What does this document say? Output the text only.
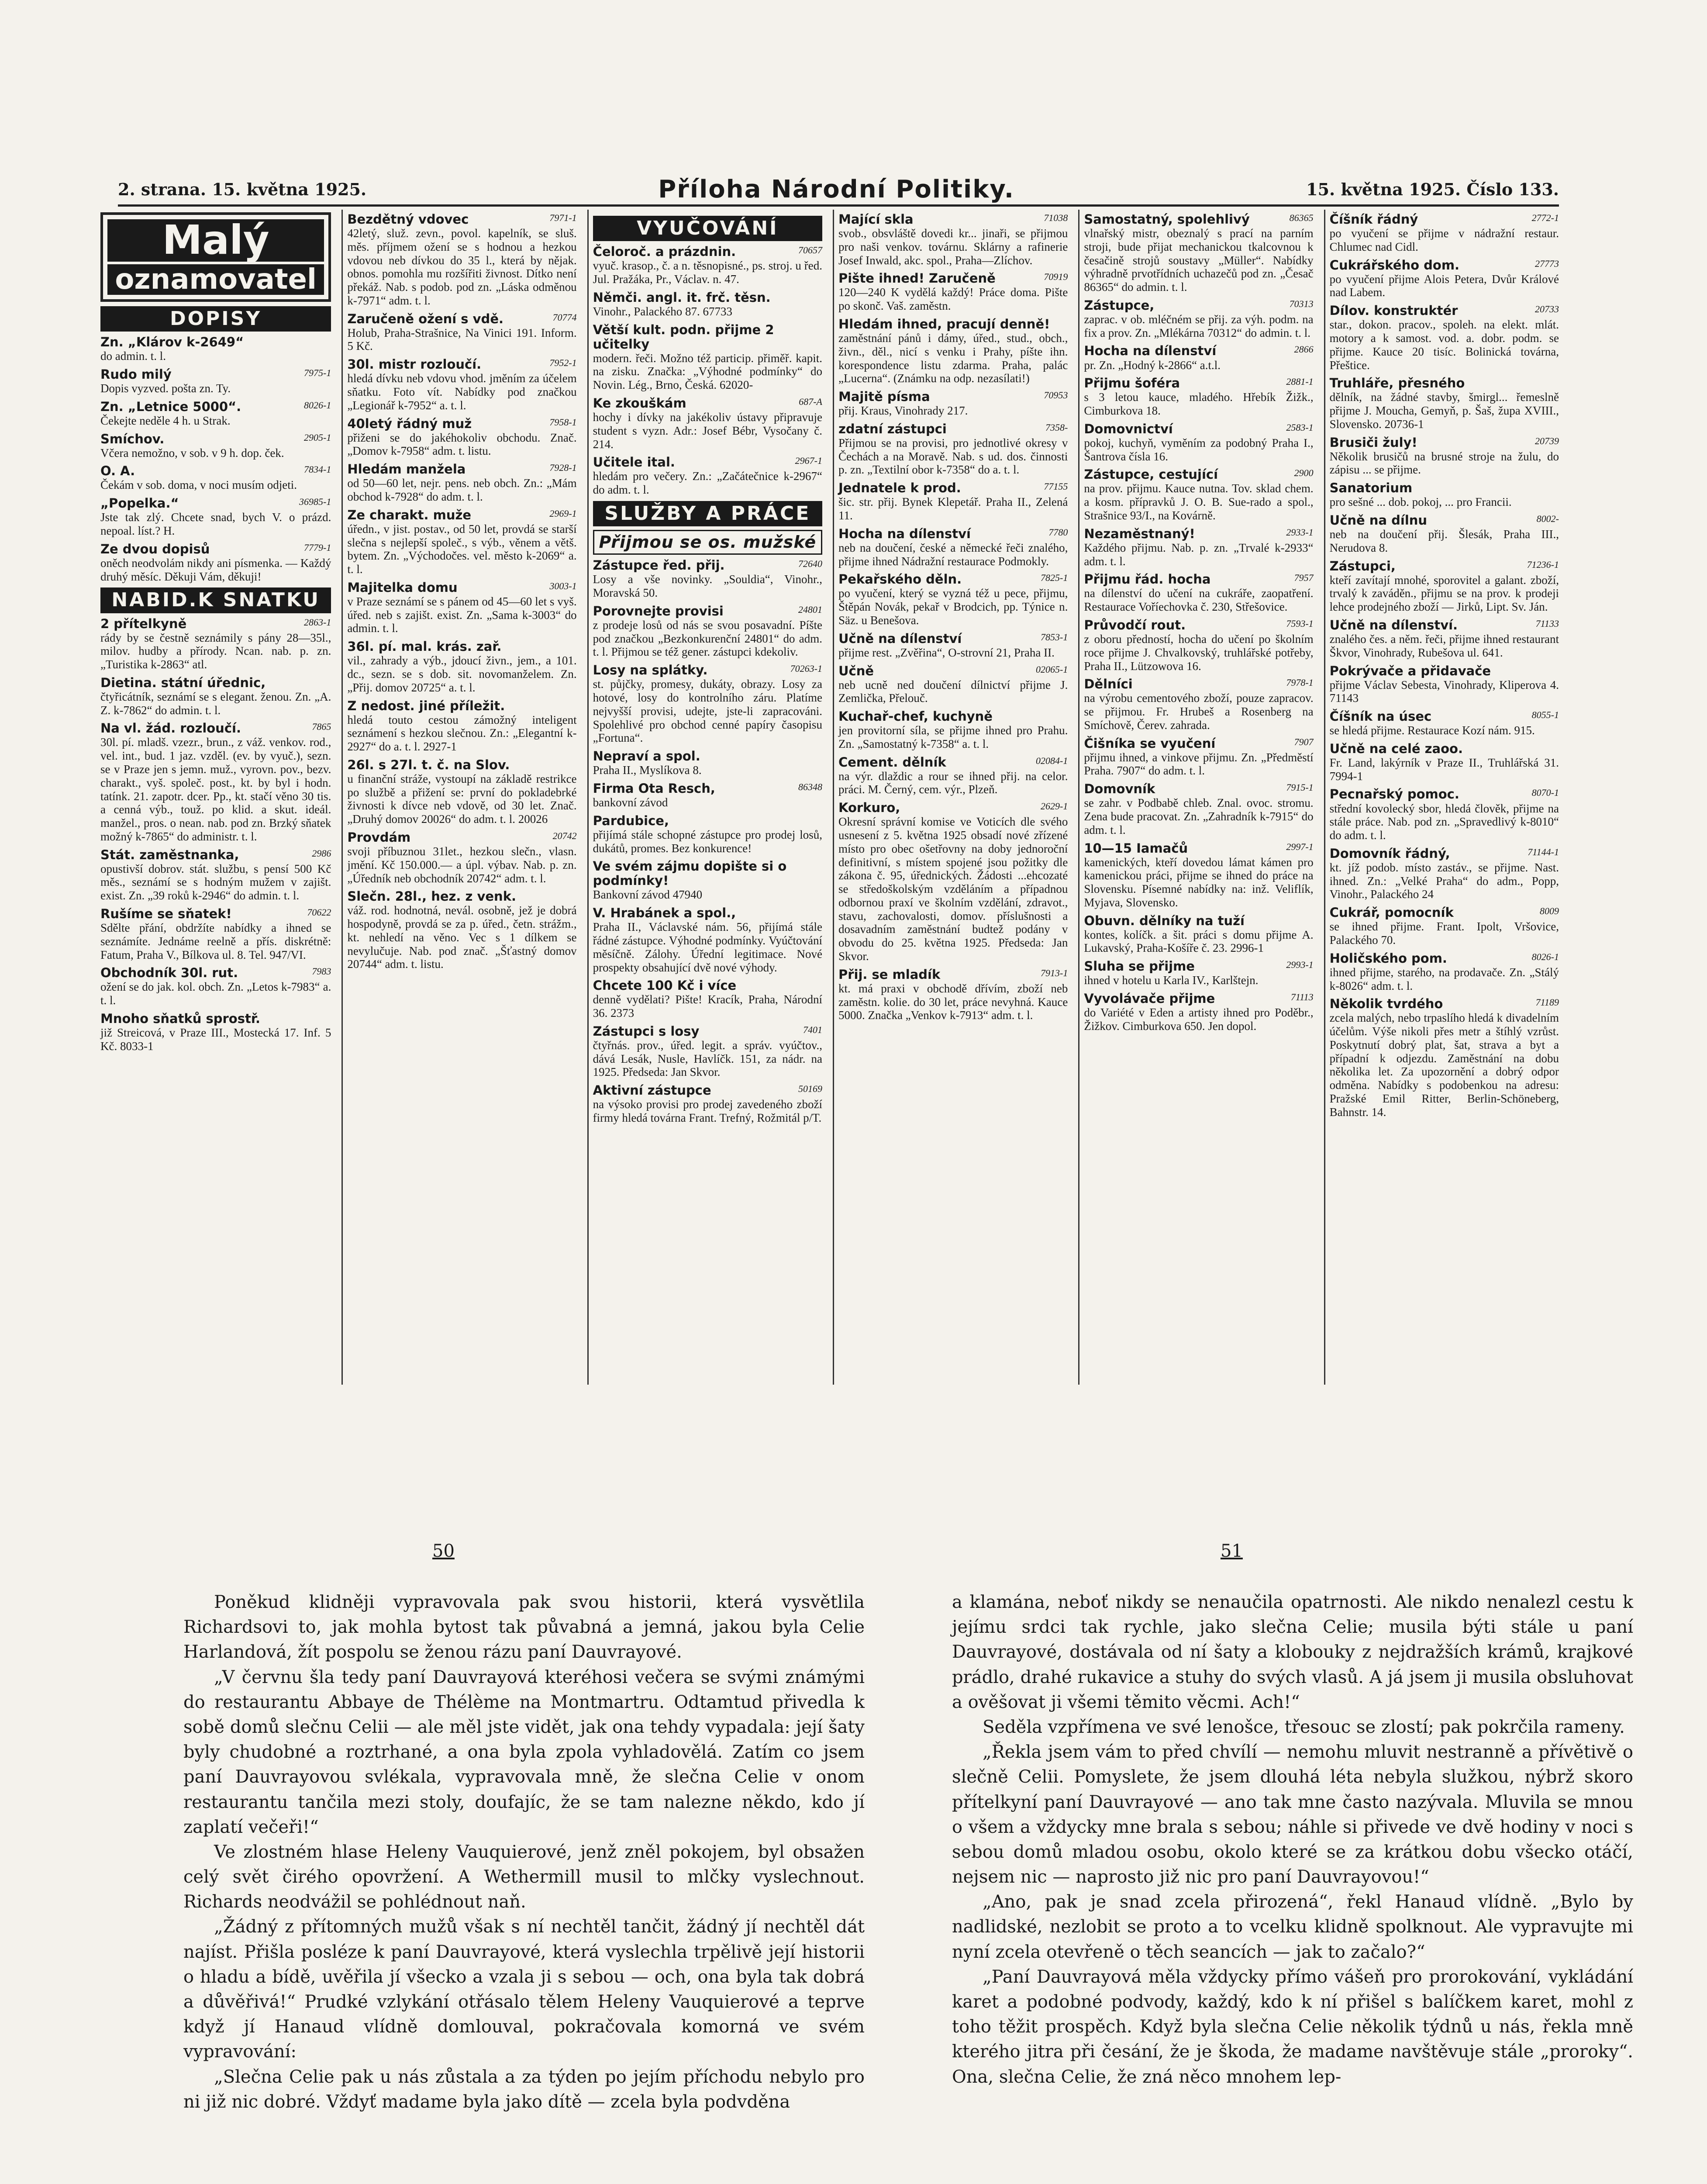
2. strana. 15. května 1925.	Příloha Národní Politiky.	15. května 1925. Číslo 133.
Malý
oznamovatel
DOPISY
Zn. „Klárov k-2649“
do admin. t. l.
7975-1
Rudo milý
Dopis vyzved. pošta zn. Ty.
8026-1
Zn. „Letnice 5000“.
Čekejte neděle 4 h. u Strak.
2905-1
Smíchov.
Včera nemožno, v sob. v 9 h. dop. ček.
7834-1
O. A.
Čekám v sob. doma, v noci musím odjeti.
36985-1
„Popelka.“
Jste tak zlý. Chcete snad, bych V. o prázd. nepoal. líst.? H.
7779-1
Ze dvou dopisů
oněch neodvolám nikdy ani písmenka. — Každý druhý měsíc. Děkuji Vám, děkuji!
NABID.K SNATKU
2863-1
2 přítelkyně
rády by se čestně seznámily s pány 28—35l., milov. hudby a přírody. Ncan. nab. p. zn. „Turistika k-2863“ atl.
Dietina. státní úřednic,
čtyřicátník, seznámí se s elegant. ženou. Zn. „A. Z. k-7862“ do admin. t. l.
7865
Na vl. žád. rozloučí.
30l. pí. mladš. vzezr., brun., z váž. venkov. rod., vel. int., bud. 1 jaz. vzděl. (ev. by vyuč.), sezn. se v Praze jen s jemn. muž., vyrovn. pov., bezv. charakt., vyš. společ. post., kt. by byl i hodn. tatínk. 21. zapotr. dcer. Pp., kt. stačí věno 30 tis. a cenná výb., touž. po klid. a skut. ideál. manžel., pros. o nean. nab. pod zn. Brzký sňatek možný k-7865“ do administr. t. l.
2986
Stát. zaměstnanka,
opustivší dobrov. stát. službu, s pensí 500 Kč měs., seznámí se s hodným mužem v zajišt. exist. Zn. „39 roků k-2946“ do admin. t. l.
70622
Rušíme se sňatek!
Sdělte přání, obdržíte nabídky a ihned se seznámíte. Jednáme reelně a přís. diskrétně: Fatum, Praha V., Bílkova ul. 8. Tel. 947/VI.
7983
Obchodník 30l. rut.
ožení se do jak. kol. obch. Zn. „Letos k-7983“ a. t. l.
Mnoho sňatků sprostř.
již Streicová, v Praze III., Mostecká 17. Inf. 5 Kč. 8033-1
7971-1
Bezdětný vdovec
42letý, služ. zevn., povol. kapelník, se sluš. měs. příjmem ožení se s hodnou a hezkou vdovou neb dívkou do 35 l., která by nějak. obnos. pomohla mu rozšířiti živnost. Dítko není překáž. Nab. s podob. pod zn. „Láska odměnou k-7971“ adm. t. l.
70774
Zaručeně ožení s vdě.
Holub, Praha-Strašnice, Na Vinici 191. Inform. 5 Kč.
7952-1
30l. mistr rozloučí.
hledá dívku neb vdovu vhod. jměním za účelem sňatku. Foto vít. Nabídky pod značkou „Legionář k-7952“ a. t. l.
7958-1
40letý řádný muž
přiženi se do jakéhokoliv obchodu. Znač. „Domov k-7958“ adm. t. listu.
7928-1
Hledám manžela
od 50—60 let, nejr. pens. neb obch. Zn.: „Mám obchod k-7928“ do adm. t. l.
2969-1
Ze charakt. muže
úředn., v jist. postav., od 50 let, provdá se starší slečna s nejlepší společ., s výb., věnem a větš. bytem. Zn. „Východočes. vel. město k-2069“ a. t. l.
3003-1
Majitelka domu
v Praze seznámí se s pánem od 45—60 let s vyš. úřed. neb s zajišt. exist. Zn. „Sama k-3003“ do admin. t. l.
36l. pí. mal. krás. zař.
vil., zahrady a výb., jdoucí živn., jem., a 101. dc., sezn. se s dob. sit. novomanželem. Zn. „Přij. domov 20725“ a. t. l.
Z nedost. jiné příležit.
hledá touto cestou zámožný inteligent seznámení s hezkou slečnou. Zn.: „Elegantní k-2927“ do a. t. l. 2927-1
26l. s 27l. t. č. na Slov.
u finanční stráže, vystoupí na základě restrikce po službě a přižení se: první do pokladebrké živnosti k dívce neb vdově, od 30 let. Znač. „Druhý domov 20026“ do adm. t. l. 20026
20742
Provdám
svoji příbuznou 31let., hezkou slečn., vlasn. jmění. Kč 150.000.— a úpl. výbav. Nab. p. zn. „Úředník neb obchodník 20742“ adm. t. l.
Slečn. 28l., hez. z venk.
váž. rod. hodnotná, nevál. osobně, jež je dobrá hospodyně, provdá se za p. úřed., četn. strážm., kt. nehledí na věno. Vec s 1 dílkem se nevylučuje. Nab. pod znač. „Šťastný domov 20744“ adm. t. listu.
VYUČOVÁNÍ
70657
Čeloroč. a prázdnin.
vyuč. krasop., č. a n. těsnopisné., ps. stroj. u řed. Jul. Pražáka, Pr., Václav. n. 47.
Němči. angl. it. frč. těsn.
Vinohr., Palackého 87. 67733
Větší kult. podn. přijme 2 učitelky
modern. řeči. Možno též particip. přiměř. kapit. na zisku. Značka: „Výhodné podmínky“ do Novin. Lég., Brno, Česká. 62020-
687-A
Ke zkouškám
hochy i dívky na jakékoliv ústavy připravuje student s vyzn. Adr.: Josef Bébr, Vysočany č. 214.
2967-1
Učitele ital.
hledám pro večery. Zn.: „Začátečnice k-2967“ do adm. t. l.
SLUŽBY A PRÁCE
Přijmou se os. mužské
72640
Zástupce řed. přij.
Losy a vše novinky. „Souldia“, Vinohr., Moravská 50.
24801
Porovnejte provisi
z prodeje losů od nás se svou posavadní. Píšte pod značkou „Bezkonkurenční 24801“ do adm. t. l. Přijmou se též gener. zástupci kdekoliv.
70263-1
Losy na splátky.
st. půjčky, promesy, dukáty, obrazy. Losy za hotové, losy do kontrolního záru. Platíme nejvyšší provisi, udejte, jste-li zapracováni. Spolehlivé pro obchod cenné papíry časopisu „Fortuna“.
Nepraví a spol.
Praha II., Myslíkova 8.
86348
Firma Ota Resch,
bankovní závod
Pardubice,
přijímá stále schopné zástupce pro prodej losů, dukátů, promes. Bez konkurence!
Ve svém zájmu dopište si o podmínky!
Bankovní závod 47940
V. Hrabánek a spol.,
Praha II., Václavské nám. 56, přijímá stále řádné zástupce. Výhodné podmínky. Vyúčtování měsíčně. Zálohy. Úřední legitimace. Nové prospekty obsahující dvě nové výhody.
Chcete 100 Kč i více
denně vydělati? Pište! Kracík, Praha, Národní 36. 2373
7401
Zástupci s losy
čtyřnás. prov., úřed. legit. a správ. vyúčtov., dává Lesák, Nusle, Havlíčk. 151, za nádr. na 1925. Předseda: Jan Skvor.
50169
Aktivní zástupce
na výsoko provisi pro prodej zavedeného zboží firmy hledá továrna Frant. Trefný, Rožmitál p/T.
71038
Mající skla
svob., obsvláště dovedi kr... jinaři, se přijmou pro naši venkov. továrnu. Sklárny a rafinerie Josef Inwald, akc. spol., Praha—Zlíchov.
70919
Pište ihned! Zaručeně
120—240 K vydělá každý! Práce doma. Pište po skonč. Vaš. zaměstn.
Hledám ihned, pracují denně!
zaměstnání pánů i dámy, úřed., stud., obch., živn., děl., nicí s venku i Prahy, píšte ihn. korespondence listu zdarma. Praha, palác „Lucerna“. (Známku na odp. nezasílati!)
70953
Majitě písma
přij. Kraus, Vinohrady 217.
7358-
zdatní zástupci
Přijmou se na provisi, pro jednotlivé okresy v Čechách a na Moravě. Nab. s ud. dos. činnosti p. zn. „Textilní obor k-7358“ do a. t. l.
77155
Jednatele k prod.
šic. str. přij. Bynek Klepetář. Praha II., Zelená 11.
7780
Hocha na dílenství
neb na doučení, české a německé řeči znalého, přijme ihned Nádražní restaurace Podmokly.
7825-1
Pekařského děln.
po vyučení, který se vyzná též u pece, přijmu, Štěpán Novák, pekař v Brodcich, pp. Týnice n. Säz. u Benešova.
7853-1
Učně na dílenství
přijme rest. „Zvěřina“, O-strovní 21, Praha II.
02065-1
Učně
neb ucně ned doučení dílnictví přijme J. Zemlička, Přelouč.
Kuchař-chef, kuchyně
jen provitorní síla, se přijme ihned pro Prahu. Zn. „Samostatný k-7358“ a. t. l.
02084-1
Cement. dělník
na výr. dlaždic a rour se ihned přij. na celor. práci. M. Černý, cem. výr., Plzeň.
2629-1
Korkuro,
Okresní správní komise ve Voticích dle svého usnesení z 5. května 1925 obsadí nové zřízené místo pro obec ošetřovny na doby jednoroční definitivní, s místem spojené jsou požitky dle zákona č. 95, úřednických. Žádosti ...ehcozaté se středoškolským vzděláním a případnou odbornou praxí ve školním vzdělání, zdravot., stavu, zachovalosti, domov. příslušnosti a dosavadním zaměstnání budtež podány v obvodu do 25. května 1925. Předseda: Jan Skvor.
7913-1
Přij. se mladík
kt. má praxi v obchodě dřívím, zboží neb zaměstn. kolie. do 30 let, práce nevyhná. Kauce 5000. Značka „Venkov k-7913“ adm. t. l.
86365
Samostatný, spolehlivý
vlnařský mistr, obeznalý s prací na parním stroji, bude přijat mechanickou tkalcovnou k česačině strojů soustavy „Müller“. Nabídky výhradně prvotřídních uchazečů pod zn. „Česač 86365“ do admin. t. l.
70313
Zástupce,
zaprac. v ob. mléčném se přij. za výh. podm. na fix a prov. Zn. „Mlékárna 70312“ do admin. t. l.
2866
Hocha na dílenství
pr. Zn. „Hodný k-2866“ a.t.l.
2881-1
Přijmu šoféra
s 3 letou kauce, mladého. Hřebík Žižk., Cimburkova 18.
2583-1
Domovnictví
pokoj, kuchyň, vyměním za podobný Praha I., Šantrova čísla 16.
2900
Zástupce, cestující
na prov. přijmu. Kauce nutna. Tov. sklad chem. a kosm. přípravků J. O. B. Sue-rado a spol., Strašnice 93/I., na Kovárně.
2933-1
Nezaměstnaný!
Každého přijmu. Nab. p. zn. „Trvalé k-2933“ adm. t. l.
7957
Přijmu řád. hocha
na dílenství do učení na cukráře, zaopatření. Restaurace Voříechovka č. 230, Střešovice.
7593-1
Průvodčí rout.
z oboru předností, hocha do učení po školním roce přijme J. Chvalkovský, truhlářské potřeby, Praha II., Lützowova 16.
7978-1
Dělníci
na výrobu cementového zboží, pouze zapracov. se přijmou. Fr. Hrubeš a Rosenberg na Smíchově, Čerev. zahrada.
7907
Čišníka se vyučení
přijmu ihned, a vinkove přijmu. Zn. „Předměstí Praha. 7907“ do adm. t. l.
7915-1
Domovník
se zahr. v Podbabě chleb. Znal. ovoc. stromu. Zena bude pracovat. Zn. „Zahradník k-7915“ do adm. t. l.
2997-1
10—15 Iamačů
kamenických, kteří dovedou lámat kámen pro kamenickou práci, přijme se ihned do práce na Slovensku. Písemné nabídky na: inž. Veliflík, Myjava, Slovensko.
Obuvn. dělníky na tuží
kontes, kolíčk. a šit. práci s domu přijme A. Lukavský, Praha-Košíře č. 23. 2996-1
2993-1
Sluha se přijme
ihned v hotelu u Karla IV., Karlštejn.
71113
Vyvolávače přijme
do Variété v Eden a artisty ihned pro Poděbr., Žižkov. Cimburkova 650. Jen dopol.
2772-1
Číšník řádný
po vyučení se přijme v nádražní restaur. Chlumec nad Cidl.
27773
Cukrářského dom.
po vyučení přijme Alois Petera, Dvůr Králové nad Labem.
20733
Dílov. konstruktér
star., dokon. pracov., spoleh. na elekt. mlát. motory a k samost. vod. a. dobr. podm. se přijme. Kauce 20 tisíc. Bolinická továrna, Přeštice.
Truhláře, přesného
dělník, na žádné stavby, šmirgl... řemeslně přijme J. Moucha, Gemyň, p. Šaš, župa XVIII., Slovensko. 20736-1
20739
Brusiči žuly!
Několik brusičů na brusné stroje na žulu, do zápisu ... se přijme.
Sanatorium
pro sešné ... dob. pokoj, ... pro Francii.
8002-
Učně na dílnu
neb na doučení přij. Šlesák, Praha III., Nerudova 8.
71236-1
Zástupci,
kteří zavítají mnohé, sporovitel a galant. zboží, trvalý k zaváděn., přijmu se na prov. k prodeji lehce prodejného zboží — Jirků, Lipt. Sv. Ján.
71133
Učně na dílenství.
znalého čes. a něm. řeči, přijme ihned restaurant Škvor, Vinohrady, Rubešova ul. 641.
Pokrývače a přidavače
přijme Václav Sebesta, Vinohrady, Kliperova 4. 71143
8055-1
Číšník na úsec
se hledá přijme. Restaurace Kozí nám. 915.
Učně na celé zaoo.
Fr. Land, lakýrník v Praze II., Truhlářská 31. 7994-1
8070-1
Pecnařský pomoc.
střední kovolecký sbor, hledá člověk, přijme na stále práce. Nab. pod zn. „Spravedlivý k-8010“ do adm. t. l.
71144-1
Domovník řádný,
kt. jíž podob. místo zastáv., se přijme. Nast. ihned. Zn.: „Velké Praha“ do adm., Popp, Vinohr., Palackého 24
8009
Cukrář, pomocník
se ihned přijme. Frant. Ipolt, Vršovice, Palackého 70.
8026-1
Holičského pom.
ihned přijme, starého, na prodavače. Zn. „Stálý k-8026“ adm. t. l.
71189
Několik tvrdého
zcela malých, nebo trpaslího hledá k divadelním účelům. Výše nikoli přes metr a štíhlý vzrůst. Poskytnutí dobrý plat, šat, strava a byt a případní k odjezdu. Zaměstnání na dobu několika let. Za upozornění a dobrý odpor odměna. Nabídky s podobenkou na adresu: Pražské Emil Ritter, Berlin-Schöneberg, Bahnstr. 14.
50	51

Poněkud klidněji vypravovala pak svou historii, která vysvětlila Richardsovi to, jak mohla bytost tak půvabná a jemná, jakou byla Celie Harlandová, žít pospolu se ženou rázu paní Dauvrayové.

„V červnu šla tedy paní Dauvrayová kteréhosi večera se svými známými do restaurantu Abbaye de Thélème na Montmartru. Odtamtud přivedla k sobě domů slečnu Celii — ale měl jste vidět, jak ona tehdy vypadala: její šaty byly chudobné a roztrhané, a ona byla zpola vyhladovělá. Zatím co jsem paní Dauvrayovou svlékala, vypravovala mně, že slečna Celie v onom restaurantu tančila mezi stoly, doufajíc, že se tam nalezne někdo, kdo jí zaplatí večeři!“

Ve zlostném hlase Heleny Vauquierové, jenž zněl pokojem, byl obsažen celý svět čirého opovržení. A Wethermill musil to mlčky vyslechnout. Richards neodvážil se pohlédnout naň.

„Žádný z přítomných mužů však s ní nechtěl tančit, žádný jí nechtěl dát najíst. Přišla posléze k paní Dauvrayové, která vyslechla trpělivě její historii o hladu a bídě, uvěřila jí všecko a vzala ji s sebou — och, ona byla tak dobrá a důvěřivá!“ Prudké vzlykání otřásalo tělem Heleny Vauquierové a teprve když jí Hanaud vlídně domlouval, pokračovala komorná ve svém vypravování:

„Slečna Celie pak u nás zůstala a za týden po jejím příchodu nebylo pro ni již nic dobré. Vždyť madame byla jako dítě — zcela byla podvděna

a klamána, neboť nikdy se nenaučila opatrnosti. Ale nikdo nenalezl cestu k jejímu srdci tak rychle, jako slečna Celie; musila býti stále u paní Dauvrayové, dostávala od ní šaty a klobouky z nejdražších krámů, krajkové prádlo, drahé rukavice a stuhy do svých vlasů. A já jsem ji musila obsluhovat a ověšovat ji všemi těmito věcmi. Ach!“

Seděla vzpřímena ve své lenošce, třesouc se zlostí; pak pokrčila rameny.

„Řekla jsem vám to před chvílí — nemohu mluvit nestranně a přívětivě o slečně Celii. Pomyslete, že jsem dlouhá léta nebyla služkou, nýbrž skoro přítelkyní paní Dauvrayové — ano tak mne často nazývala. Mluvila se mnou o všem a vždycky mne brala s sebou; náhle si přivede ve dvě hodiny v noci s sebou domů mladou osobu, okolo které se za krátkou dobu všecko otáčí, nejsem nic — naprosto již nic pro paní Dauvrayovou!“

„Ano, pak je snad zcela přirozená“, řekl Hanaud vlídně. „Bylo by nadlidské, nezlobit se proto a to vcelku klidně spolknout. Ale vypravujte mi nyní zcela otevřeně o těch seancích — jak to začalo?“

„Paní Dauvrayová měla vždycky přímo vášeň pro prorokování, vykládání karet a podobné podvody, každý, kdo k ní přišel s balíčkem karet, mohl z toho těžit prospěch. Když byla slečna Celie několik týdnů u nás, řekla mně kterého jitra při česání, že je škoda, že madame navštěvuje stále „proroky“. Ona, slečna Celie, že zná něco mnohem lep-
